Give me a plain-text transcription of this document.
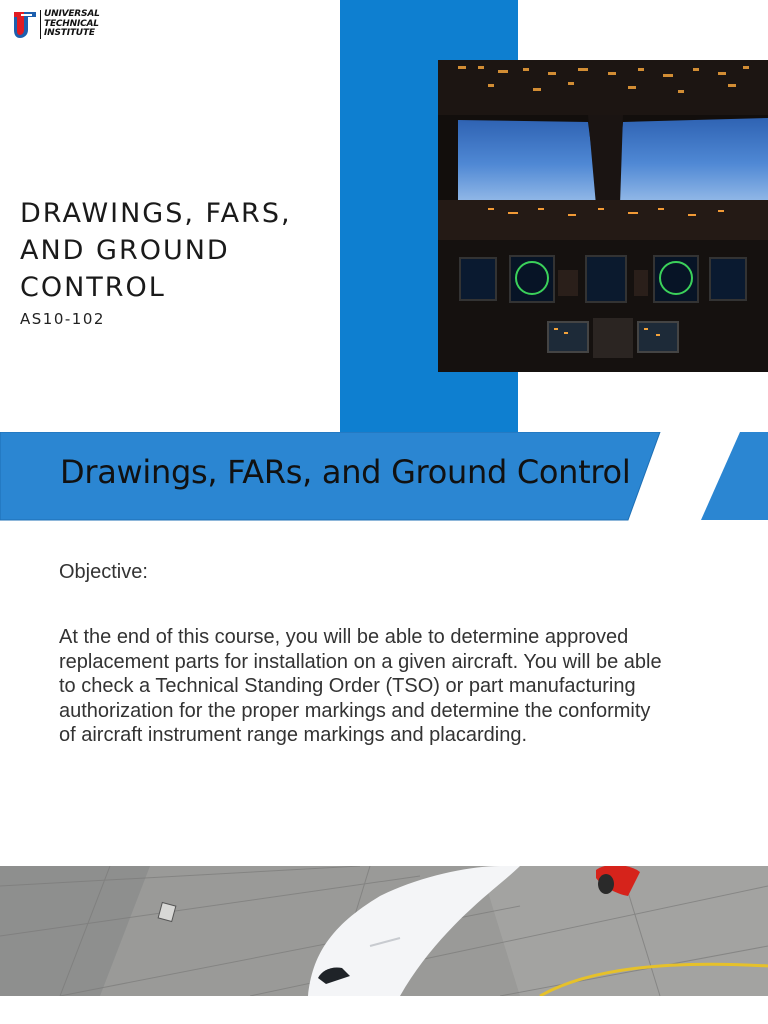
UNIVERSAL
TECHNICAL
INSTITUTE
DRAWINGS, FARS,
AND GROUND
CONTROL
AS10-102
Drawings, FARs, and Ground Control
Objective:

At the end of this course, you will be able to determine approved
replacement parts for installation on a given aircraft. You will be able
to check a Technical Standing Order (TSO) or part manufacturing
authorization for the proper markings and determine the conformity
of aircraft instrument range markings and placarding.
